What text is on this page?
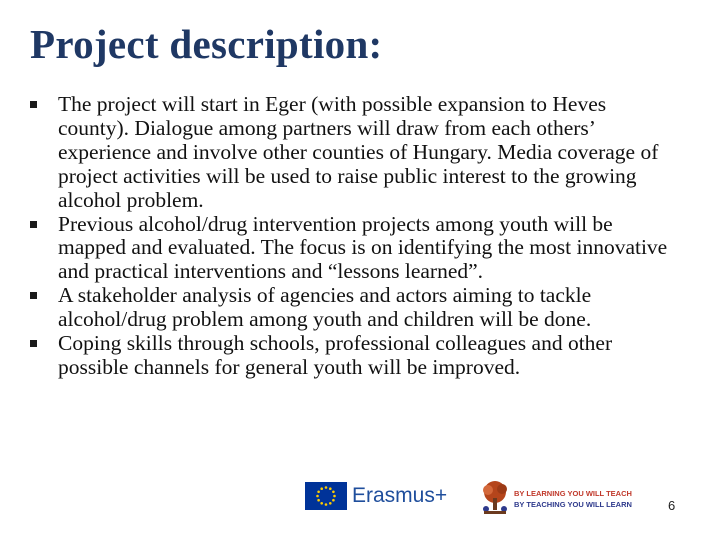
Project description:
The project will start in Eger (with possible expansion to Heves county). Dialogue among partners will draw from each others’ experience and involve other counties of Hungary. Media coverage of project activities will be used to raise public interest to the growing alcohol problem.
Previous alcohol/drug intervention projects among youth will be mapped and evaluated. The focus is on identifying the most innovative and practical interventions and “lessons learned”.
A stakeholder analysis of agencies and actors aiming to tackle alcohol/drug problem among youth and children will be done.
Coping skills through schools, professional colleagues and other possible channels for general youth will be improved.
Erasmus+	BY LEARNING YOU WILL TEACH
BY TEACHING YOU WILL LEARN	6
